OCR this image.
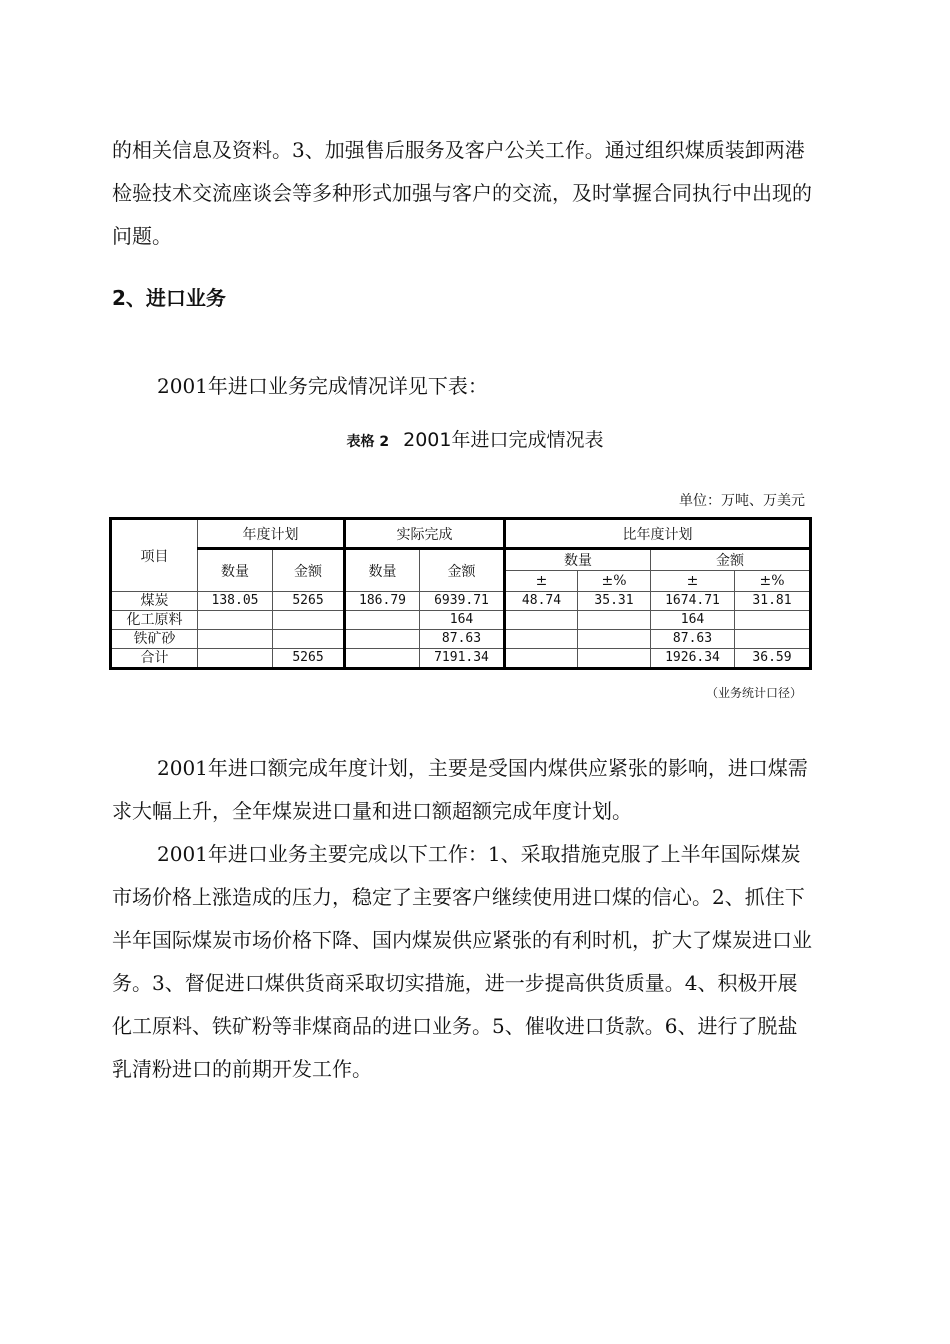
的相关信息及资料。3、加强售后服务及客户公关工作。通过组织煤质装卸两港检验技术交流座谈会等多种形式加强与客户的交流，及时掌握合同执行中出现的问题。

2、进口业务

2001年进口业务完成情况详见下表：

表格 2 2001年进口完成情况表
单位：万吨、万美元
项目	年度计划		实际完成		比年度计划			
	数量	金额	数量	金额	数量		金额	
					±	±%	±	±%
煤炭	138.05	5265	186.79	6939.71	48.74	35.31	1674.71	31.81
化工原料				164			164	
铁矿砂				87.63			87.63	
合计		5265		7191.34			1926.34	36.59
（业务统计口径）

2001年进口额完成年度计划，主要是受国内煤供应紧张的影响，进口煤需求大幅上升，全年煤炭进口量和进口额超额完成年度计划。

2001年进口业务主要完成以下工作：1、采取措施克服了上半年国际煤炭市场价格上涨造成的压力，稳定了主要客户继续使用进口煤的信心。2、抓住下半年国际煤炭市场价格下降、国内煤炭供应紧张的有利时机，扩大了煤炭进口业务。3、督促进口煤供货商采取切实措施，进一步提高供货质量。4、积极开展化工原料、铁矿粉等非煤商品的进口业务。5、催收进口货款。6、进行了脱盐乳清粉进口的前期开发工作。
